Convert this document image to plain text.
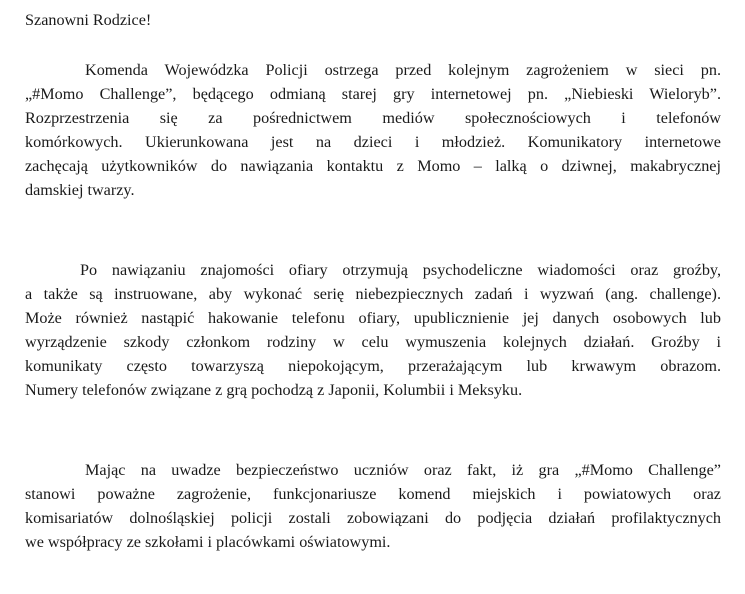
Szanowni Rodzice!
Komenda Wojewódzka Policji ostrzega przed kolejnym zagrożeniem w sieci pn.
„#Momo Challenge”, będącego odmianą starej gry internetowej pn. „Niebieski Wieloryb”.
Rozprzestrzenia się za pośrednictwem mediów społecznościowych i telefonów
komórkowych. Ukierunkowana jest na dzieci i młodzież. Komunikatory internetowe
zachęcają użytkowników do nawiązania kontaktu z Momo – lalką o dziwnej, makabrycznej
damskiej twarzy.
Po nawiązaniu znajomości ofiary otrzymują psychodeliczne wiadomości oraz groźby,
a także są instruowane, aby wykonać serię niebezpiecznych zadań i wyzwań (ang. challenge).
Może również nastąpić hakowanie telefonu ofiary, upublicznienie jej danych osobowych lub
wyrządzenie szkody członkom rodziny w celu wymuszenia kolejnych działań. Groźby i
komunikaty często towarzyszą niepokojącym, przerażającym lub krwawym obrazom.
Numery telefonów związane z grą pochodzą z Japonii, Kolumbii i Meksyku.
Mając na uwadze bezpieczeństwo uczniów oraz fakt, iż gra „#Momo Challenge”
stanowi poważne zagrożenie, funkcjonariusze komend miejskich i powiatowych oraz
komisariatów dolnośląskiej policji zostali zobowiązani do podjęcia działań profilaktycznych
we współpracy ze szkołami i placówkami oświatowymi.
